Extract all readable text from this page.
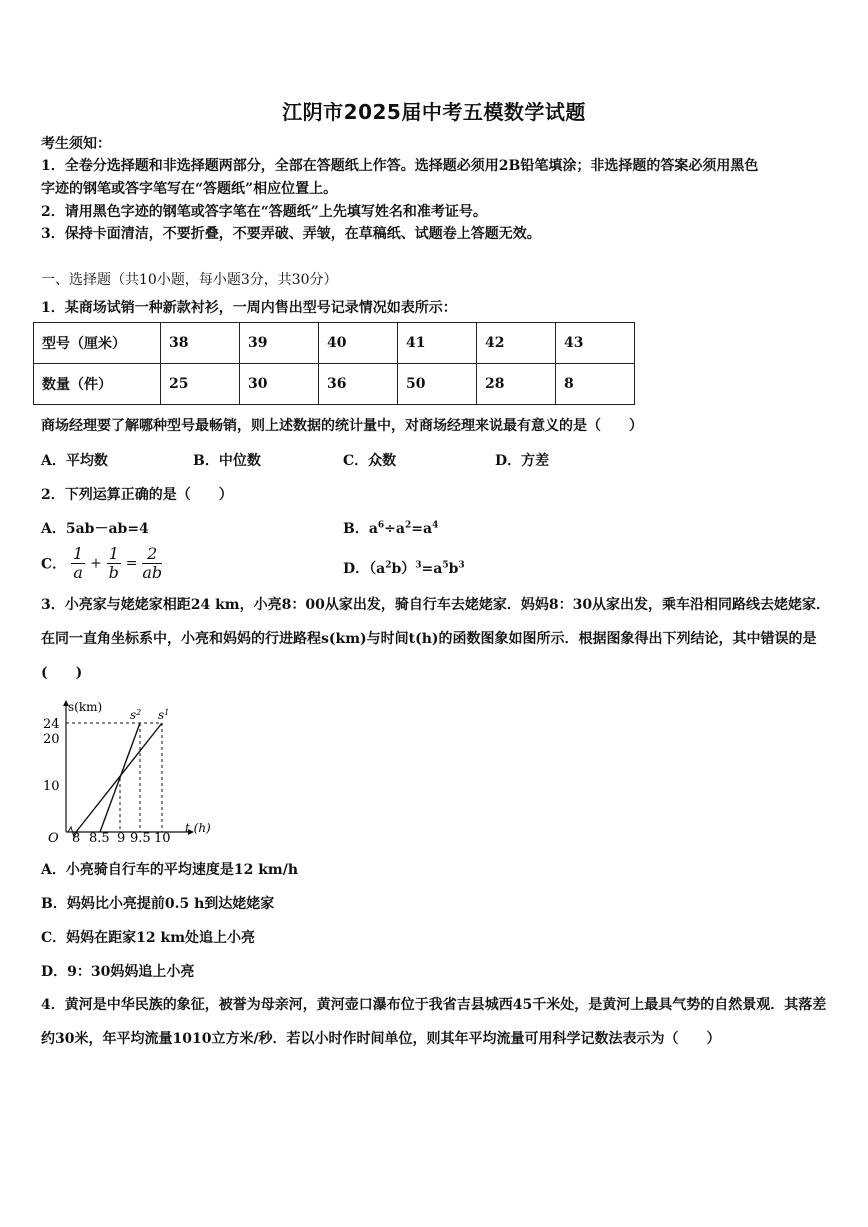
江阴市2025届中考五模数学试题
考生须知：
1．全卷分选择题和非选择题两部分，全部在答题纸上作答。选择题必须用2B铅笔填涂；非选择题的答案必须用黑色
字迹的钢笔或答字笔写在“答题纸”相应位置上。
2．请用黑色字迹的钢笔或答字笔在“答题纸”上先填写姓名和准考证号。
3．保持卡面清洁，不要折叠，不要弄破、弄皱，在草稿纸、试题卷上答题无效。
一、选择题（共10小题，每小题3分，共30分）
1．某商场试销一种新款衬衫，一周内售出型号记录情况如表所示：
型号（厘米）	38	39	40	41	42	43
数量（件）	25	30	36	50	28	8
商场经理要了解哪种型号最畅销，则上述数据的统计量中，对商场经理来说最有意义的是（　　）
A．平均数	B．中位数	C．众数	D．方差
2．下列运算正确的是（　　）
A．5ab－ab=4	B．$a^6\div a^2=a^4$
C． $\frac{1}{a} + \frac{1}{b} = \frac{2}{ab}$	D．$(a^2b)^3=a^5b^3$
3．小亮家与姥姥家相距24 km，小亮8：00从家出发，骑自行车去姥姥家．妈妈8：30从家出发，乘车沿相同路线去姥姥家．在同一直角坐标系中，小亮和妈妈的行进路程s(km)与时间t(h)的函数图象如图所示．根据图象得出下列结论，其中错误的是(　　)
s(km)
t (h)
O
24
20
10
8 8.5 9 9.5 10
$s^2$ $s^1$
A．小亮骑自行车的平均速度是12 km/h
B．妈妈比小亮提前0.5 h到达姥姥家
C．妈妈在距家12 km处追上小亮
D．9：30妈妈追上小亮
4．黄河是中华民族的象征，被誉为母亲河，黄河壶口瀑布位于我省吉县城西45千米处，是黄河上最具气势的自然景观．其落差约30米，年平均流量1010立方米/秒．若以小时作时间单位，则其年平均流量可用科学记数法表示为（　　）
